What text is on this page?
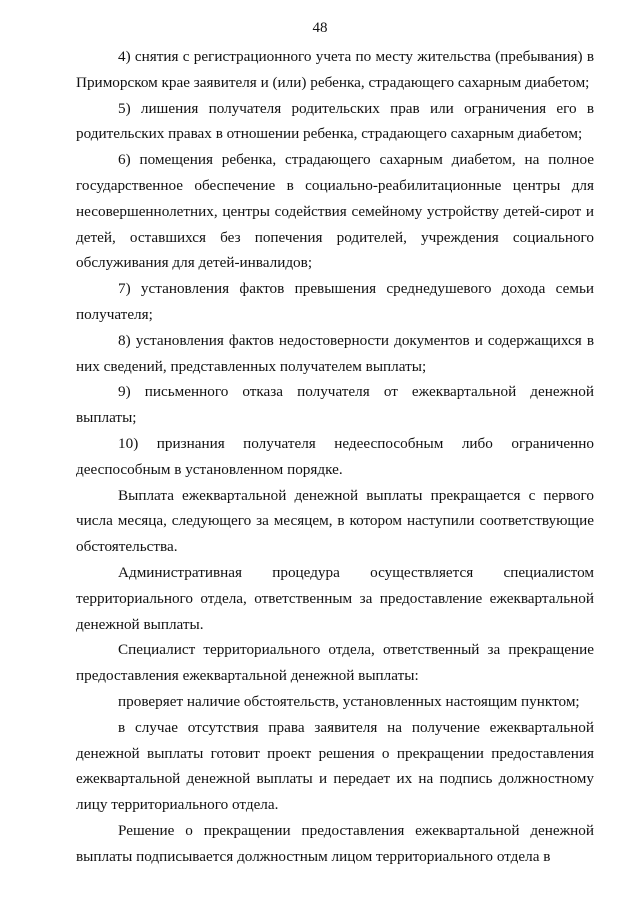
48

4) снятия с регистрационного учета по месту жительства (пребывания) в Приморском крае заявителя и (или) ребенка, страдающего сахарным диабетом;

5) лишения получателя родительских прав или ограничения его в родительских правах в отношении ребенка, страдающего сахарным диабетом;

6) помещения ребенка, страдающего сахарным диабетом, на полное государственное обеспечение в социально-реабилитационные центры для несовершеннолетних, центры содействия семейному устройству детей-сирот и детей, оставшихся без попечения родителей, учреждения социального обслуживания для детей-инвалидов;

7) установления фактов превышения среднедушевого дохода семьи получателя;

8) установления фактов недостоверности документов и содержащихся в них сведений, представленных получателем выплаты;

9) письменного отказа получателя от ежеквартальной денежной выплаты;

10) признания получателя недееспособным либо ограниченно дееспособным в установленном порядке.

Выплата ежеквартальной денежной выплаты прекращается с первого числа месяца, следующего за месяцем, в котором наступили соответствующие обстоятельства.

Административная процедура осуществляется специалистом территориального отдела, ответственным за предоставление ежеквартальной денежной выплаты.

Специалист территориального отдела, ответственный за прекращение предоставления ежеквартальной денежной выплаты:

проверяет наличие обстоятельств, установленных настоящим пунктом;

в случае отсутствия права заявителя на получение ежеквартальной денежной выплаты готовит проект решения о прекращении предоставления ежеквартальной денежной выплаты и передает их на подпись должностному лицу территориального отдела.

Решение о прекращении предоставления ежеквартальной денежной выплаты подписывается должностным лицом территориального отдела в
